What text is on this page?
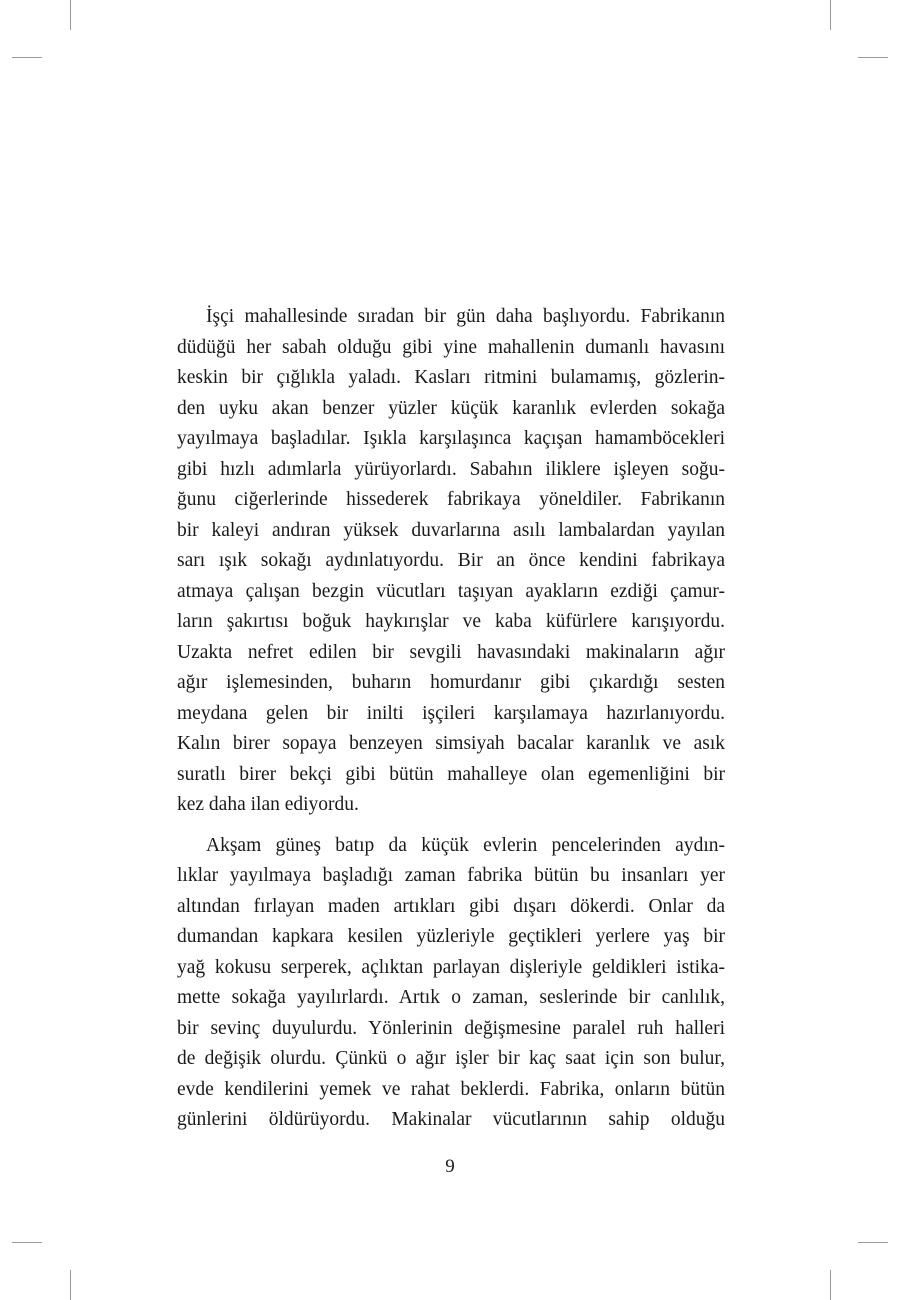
İşçi mahallesinde sıradan bir gün daha başlıyordu. Fabrikanın
düdüğü her sabah olduğu gibi yine mahallenin dumanlı havasını
keskin bir çığlıkla yaladı. Kasları ritmini bulamamış, gözlerin-
den uyku akan benzer yüzler küçük karanlık evlerden sokağa
yayılmaya başladılar. Işıkla karşılaşınca kaçışan hamamböcekleri
gibi hızlı adımlarla yürüyorlardı. Sabahın iliklere işleyen soğu-
ğunu ciğerlerinde hissederek fabrikaya yöneldiler. Fabrikanın
bir kaleyi andıran yüksek duvarlarına asılı lambalardan yayılan
sarı ışık sokağı aydınlatıyordu. Bir an önce kendini fabrikaya
atmaya çalışan bezgin vücutları taşıyan ayakların ezdiği çamur-
ların şakırtısı boğuk haykırışlar ve kaba küfürlere karışıyordu.
Uzakta nefret edilen bir sevgili havasındaki makinaların ağır
ağır işlemesinden, buharın homurdanır gibi çıkardığı sesten
meydana gelen bir inilti işçileri karşılamaya hazırlanıyordu.
Kalın birer sopaya benzeyen simsiyah bacalar karanlık ve asık
suratlı birer bekçi gibi bütün mahalleye olan egemenliğini bir
kez daha ilan ediyordu.

Akşam güneş batıp da küçük evlerin pencelerinden aydın-
lıklar yayılmaya başladığı zaman fabrika bütün bu insanları yer
altından fırlayan maden artıkları gibi dışarı dökerdi. Onlar da
dumandan kapkara kesilen yüzleriyle geçtikleri yerlere yaş bir
yağ kokusu serperek, açlıktan parlayan dişleriyle geldikleri istika-
mette sokağa yayılırlardı. Artık o zaman, seslerinde bir canlılık,
bir sevinç duyulurdu. Yönlerinin değişmesine paralel ruh halleri
de değişik olurdu. Çünkü o ağır işler bir kaç saat için son bulur,
evde kendilerini yemek ve rahat beklerdi. Fabrika, onların bütün
günlerini öldürüyordu. Makinalar vücutlarının sahip olduğu

9
